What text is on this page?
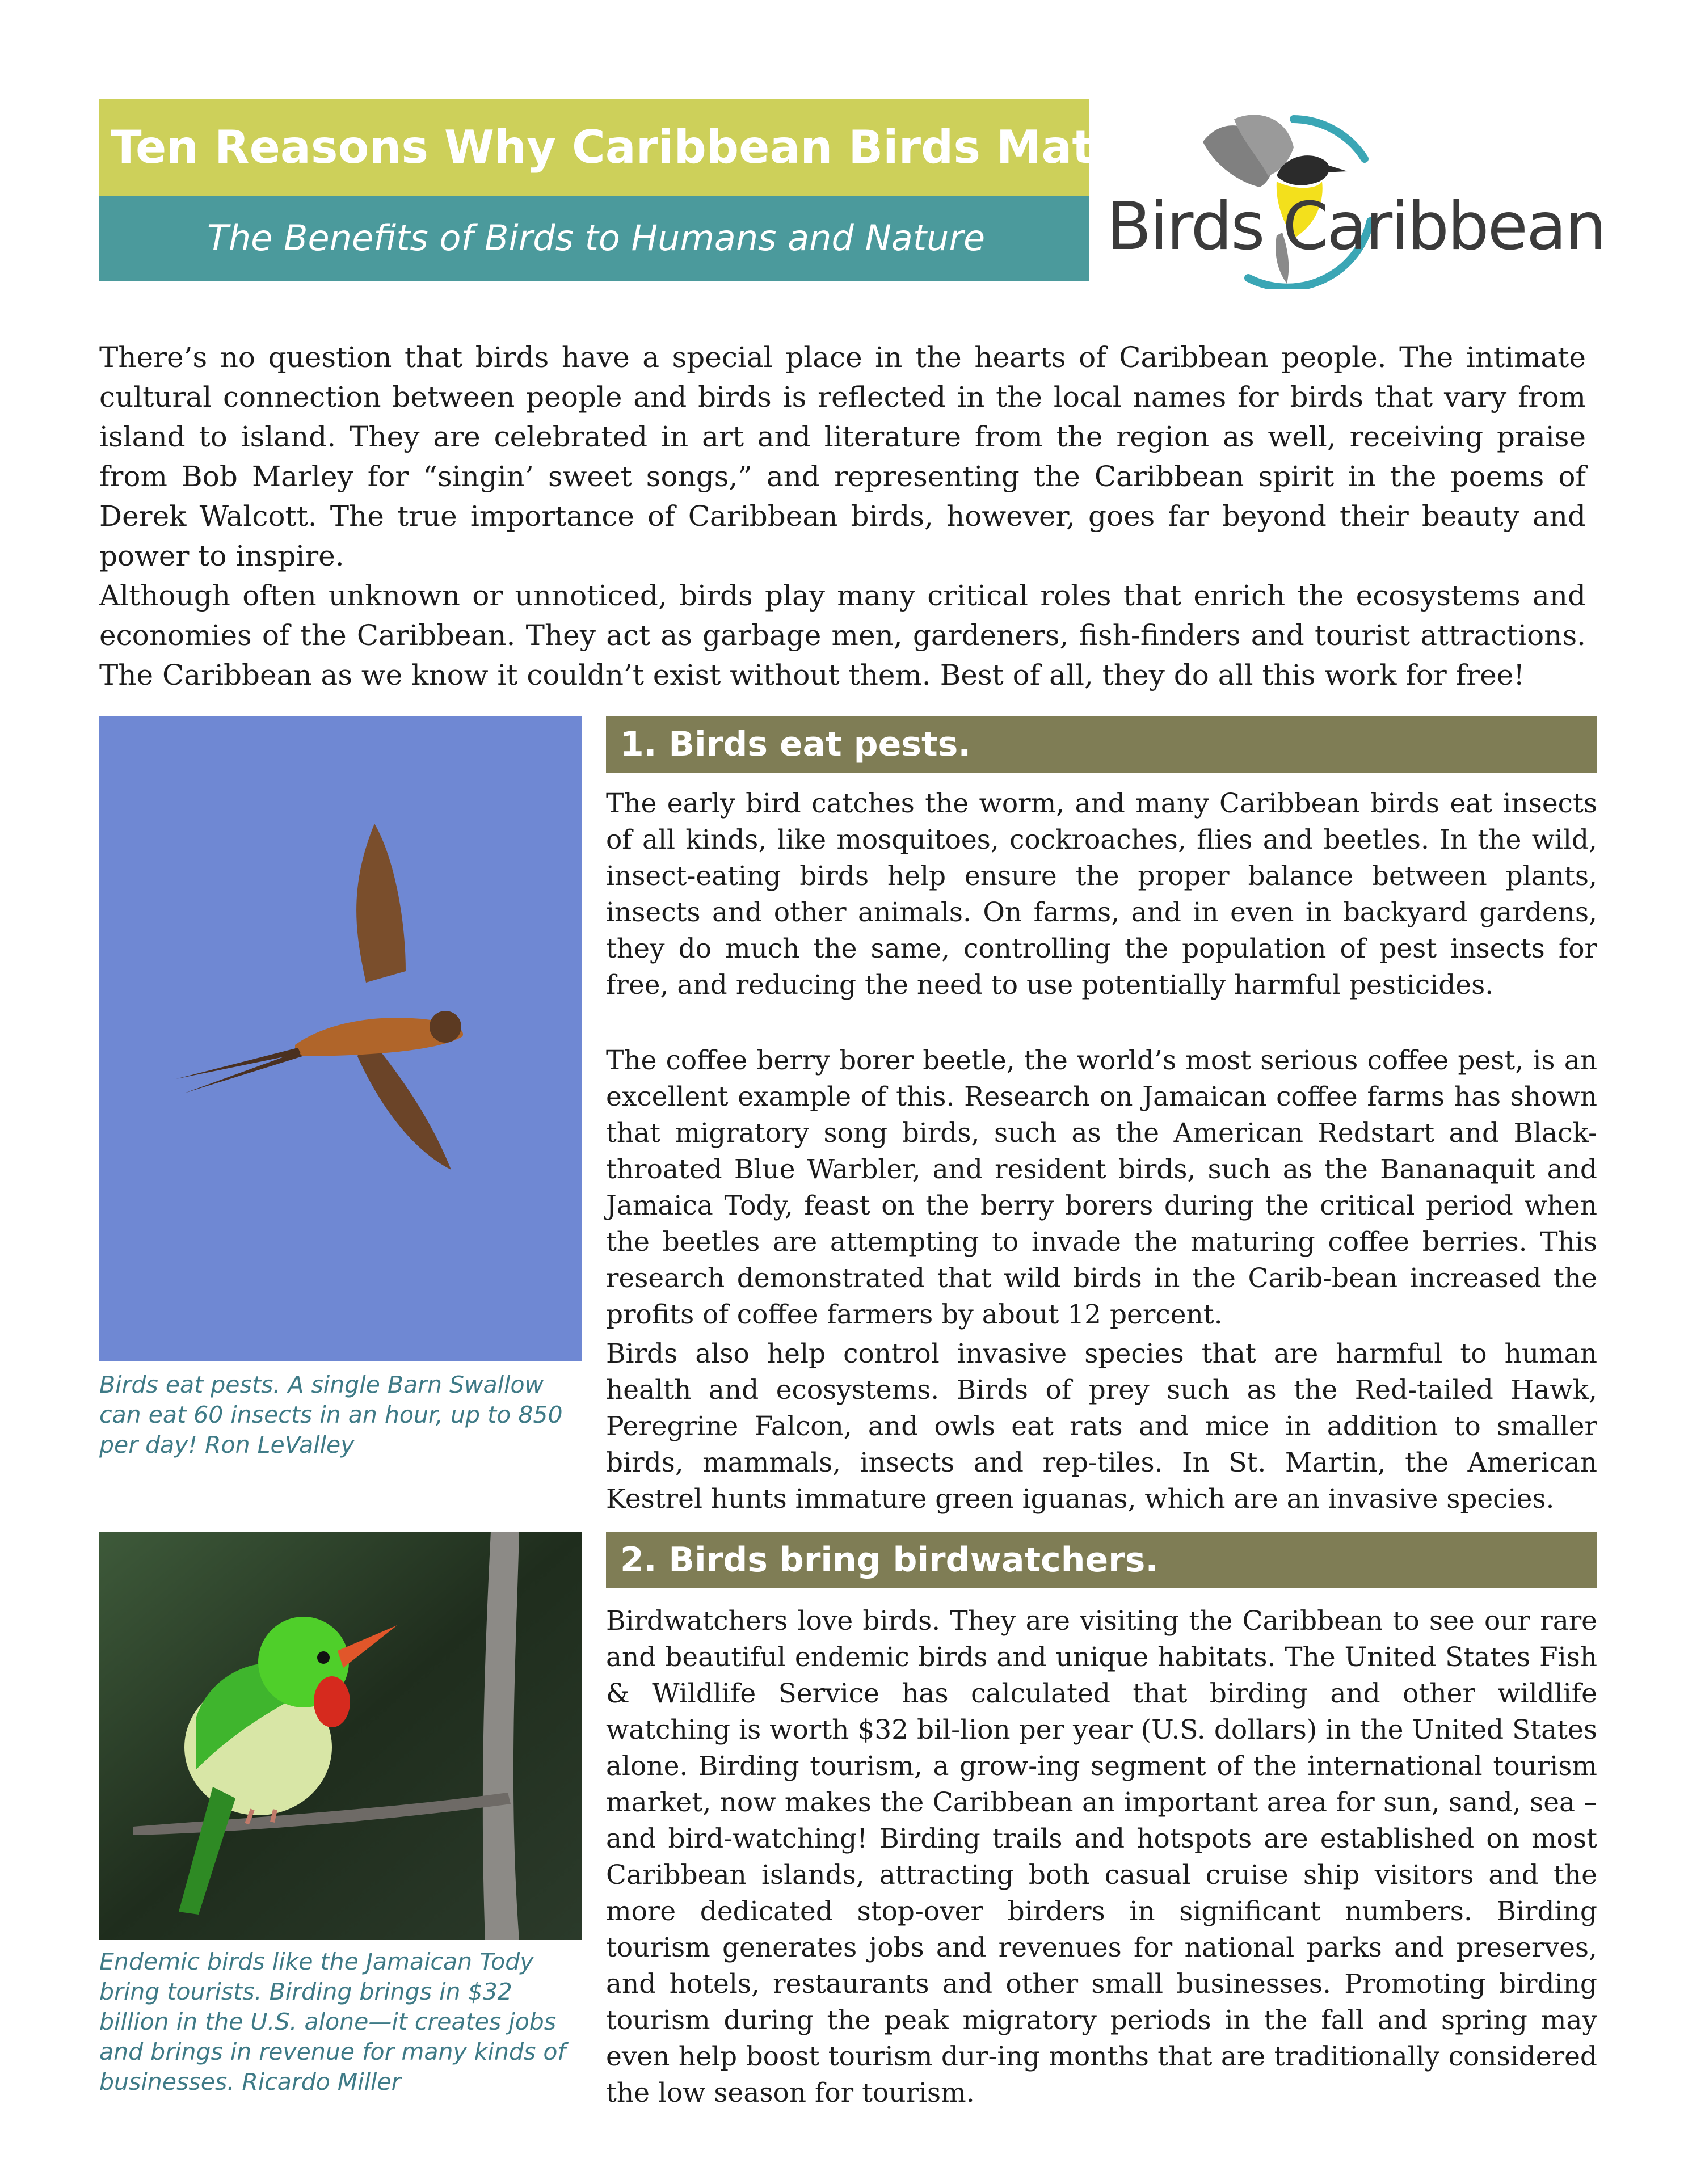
Ten Reasons Why Caribbean Birds Matter
The Benefits of Birds to Humans and Nature	Birds Caribbean
There’s no question that birds have a special place in the hearts of Caribbean people. The intimate cultural connection between people and birds is reflected in the local names for birds that vary from island to island. They are celebrated in art and literature from the region as well, receiving praise from Bob Marley for “singin’ sweet songs,” and representing the Caribbean spirit in the poems of Derek Walcott. The true importance of Caribbean birds, however, goes far beyond their beauty and power to inspire.
Although often unknown or unnoticed, birds play many critical roles that enrich the ecosystems and economies of the Caribbean. They act as garbage men, gardeners, fish-finders and tourist attractions. The Caribbean as we know it couldn’t exist without them. Best of all, they do all this work for free!
Birds eat pests. A single Barn Swallow can eat 60 insects in an hour, up to 850 per day! Ron LeValley
1. Birds eat pests.
The early bird catches the worm, and many Caribbean birds eat insects of all kinds, like mosquitoes, cockroaches, flies and beetles. In the wild, insect-eating birds help ensure the proper balance between plants, insects and other animals. On farms, and in even in backyard gardens, they do much the same, controlling the population of pest insects for free, and reducing the need to use potentially harmful pesticides.
The coffee berry borer beetle, the world’s most serious coffee pest, is an excellent example of this. Research on Jamaican coffee farms has shown that migratory song birds, such as the American Redstart and Black-throated Blue Warbler, and resident birds, such as the Bananaquit and Jamaica Tody, feast on the berry borers during the critical period when the beetles are attempting to invade the maturing coffee berries. This research demonstrated that wild birds in the Carib-bean increased the profits of coffee farmers by about 12 percent.
Birds also help control invasive species that are harmful to human health and ecosystems. Birds of prey such as the Red-tailed Hawk, Peregrine Falcon, and owls eat rats and mice in addition to smaller birds, mammals, insects and rep-tiles. In St. Martin, the American Kestrel hunts immature green iguanas, which are an invasive species.
Endemic birds like the Jamaican Tody bring tourists. Birding brings in $32 billion in the U.S. alone—it creates jobs and brings in revenue for many kinds of businesses. Ricardo Miller
2. Birds bring birdwatchers.
Birdwatchers love birds. They are visiting the Caribbean to see our rare and beautiful endemic birds and unique habitats. The United States Fish & Wildlife Service has calculated that birding and other wildlife watching is worth $32 bil-lion per year (U.S. dollars) in the United States alone. Birding tourism, a grow-ing segment of the international tourism market, now makes the Caribbean an important area for sun, sand, sea – and bird-watching! Birding trails and hotspots are established on most Caribbean islands, attracting both casual cruise ship visitors and the more dedicated stop-over birders in significant numbers. Birding tourism generates jobs and revenues for national parks and preserves, and hotels, restaurants and other small businesses. Promoting birding tourism during the peak migratory periods in the fall and spring may even help boost tourism dur-ing months that are traditionally considered the low season for tourism.
